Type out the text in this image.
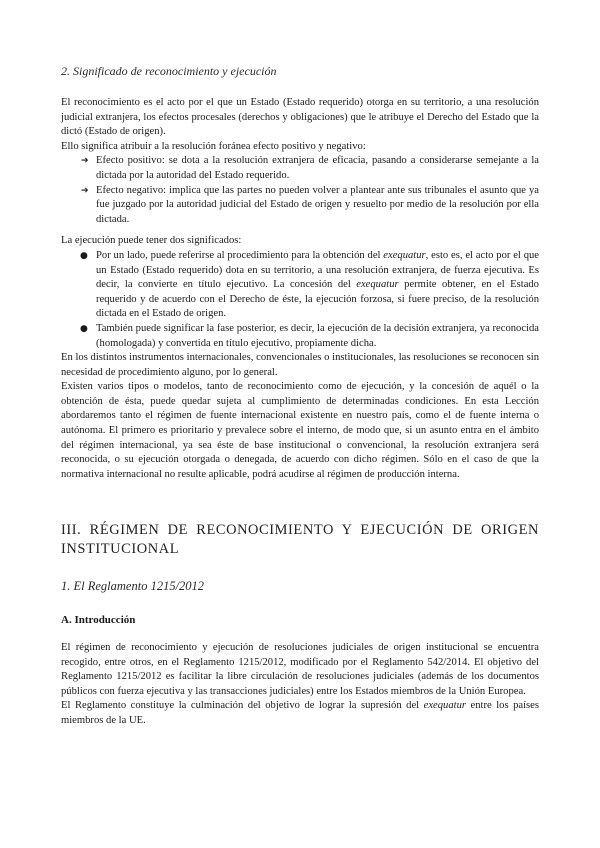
2. Significado de reconocimiento y ejecución

El reconocimiento es el acto por el que un Estado (Estado requerido) otorga en su territorio, a una resolución judicial extranjera, los efectos procesales (derechos y obligaciones) que le atribuye el Derecho del Estado que la dictó (Estado de origen).

Ello significa atribuir a la resolución foránea efecto positivo y negativo:

➔ Efecto positivo: se dota a la resolución extranjera de eficacia, pasando a considerarse semejante a la dictada por la autoridad del Estado requerido.
➔ Efecto negativo: implica que las partes no pueden volver a plantear ante sus tribunales el asunto que ya fue juzgado por la autoridad judicial del Estado de origen y resuelto por medio de la resolución por ella dictada.

La ejecución puede tener dos significados:

● Por un lado, puede referirse al procedimiento para la obtención del exequatur, esto es, el acto por el que un Estado (Estado requerido) dota en su territorio, a una resolución extranjera, de fuerza ejecutiva. Es decir, la convierte en título ejecutivo. La concesión del exequatur permite obtener, en el Estado requerido y de acuerdo con el Derecho de éste, la ejecución forzosa, si fuere preciso, de la resolución dictada en el Estado de origen.
● También puede significar la fase posterior, es decir, la ejecución de la decisión extranjera, ya reconocida (homologada) y convertida en título ejecutivo, propiamente dicha.

En los distintos instrumentos internacionales, convencionales o institucionales, las resoluciones se reconocen sin necesidad de procedimiento alguno, por lo general.

Existen varios tipos o modelos, tanto de reconocimiento como de ejecución, y la concesión de aquél o la obtención de ésta, puede quedar sujeta al cumplimiento de determinadas condiciones. En esta Lección abordaremos tanto el régimen de fuente internacional existente en nuestro país, como el de fuente interna o autónoma. El primero es prioritario y prevalece sobre el interno, de modo que, si un asunto entra en el ámbito del régimen internacional, ya sea éste de base institucional o convencional, la resolución extranjera será reconocida, o su ejecución otorgada o denegada, de acuerdo con dicho régimen. Sólo en el caso de que la normativa internacional no resulte aplicable, podrá acudirse al régimen de producción interna.

III. RÉGIMEN DE RECONOCIMIENTO Y EJECUCIÓN DE ORIGEN INSTITUCIONAL
1. El Reglamento 1215/2012
A. Introducción

El régimen de reconocimiento y ejecución de resoluciones judiciales de origen institucional se encuentra recogido, entre otros, en el Reglamento 1215/2012, modificado por el Reglamento 542/2014. El objetivo del Reglamento 1215/2012 es facilitar la libre circulación de resoluciones judiciales (además de los documentos públicos con fuerza ejecutiva y las transacciones judiciales) entre los Estados miembros de la Unión Europea.

El Reglamento constituye la culminación del objetivo de lograr la supresión del exequatur entre los países miembros de la UE.
